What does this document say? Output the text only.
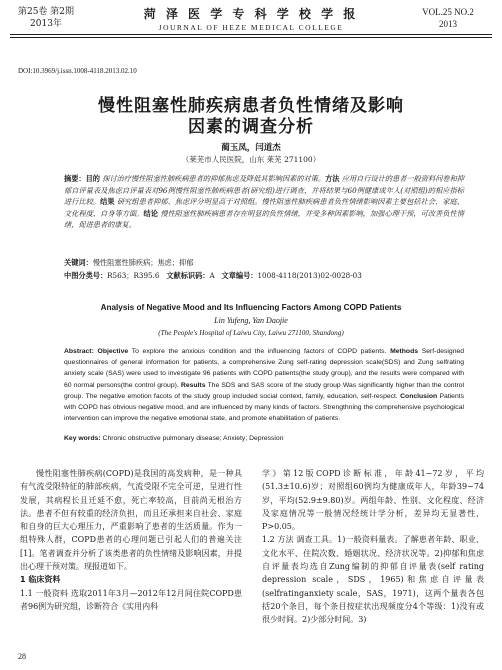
第25卷 第2期
2013年
菏 泽 医 学 专 科 学 校 学 报
JOURNAL OF HEZE MEDICAL COLLEGE
VOL.25 NO.2
2013
DOI:10.3969/j.issn.1008-4118.2013.02.10
慢性阻塞性肺疾病患者负性情绪及影响
因素的调查分析
蔺玉凤，闫道杰
（莱芜市人民医院，山东 莱芜 271100）
摘要：目的 探讨治疗慢性阻塞性肺疾病患者的抑郁焦虑及降低其影响因素的对策。方法 应用自行设计的患者一般资料问卷和抑郁自评量表及焦虑自评量表对96例慢性阻塞性肺疾病患者(研究组)进行调查，并将结果与60例健康成年人(对照组)的相应指标进行比较。结果 研究组患者抑郁、焦虑评分明显高于对照组。慢性阻塞性肺疾病患者负性情绪影响因素主要包括社会、家庭、文化程度、自身等方面。结论 慢性阻塞性肺疾病患者存在明显的负性情绪，并受多种因素影响，加强心理干预，可改善负性情绪，促进患者的康复。
关键词：慢性阻塞性肺疾病；焦虑；抑郁
中图分类号：R563；R395.6 文献标识码：A 文章编号：1008-4118(2013)02-0028-03
Analysis of Negative Mood and Its Influencing Factors Among COPD Patients
Lin Yufeng, Yan Daojie
(The People's Hospital of Laiwu City, Laiwu 271100, Shandong)
Abstract: Objective To explore the anxious condition and the influencing factors of COPD patients. Methods Serf-designed questionnaires of general information for patients, a comprehensive Zung self-rating depression scale(SDS) and Zung selfrating anxiety scale (SAS) were used to investigate 96 patients with COPD patients(the study group), and the results were compared with 60 normal persons(the control group). Results The SDS and SAS score of the study group Was significantly higher than the control group. The negative emotion facots of the study group included social context, family, education, self-respect. Conclusion Patients with COPD has obvious negative mood, and are influenced by many kinds of factors. Strengthning the comprehensive psychological intervention can improve the negative emotional state, and promote ehabilitation of patients.
Key words: Chronic obstructive pulmonary disease; Anxiety; Depression

慢性阻塞性肺疾病(COPD)是我国的高发病种，是一种具有气流受限特征的肺部疾病，气流受限不完全可逆，呈进行性发展，其病程长且迁延不愈，死亡率较高，目前尚无根治方法。患者不但有较重的经济负担，而且还承担来自社会、家庭和自身的巨大心理压力，严重影响了患者的生活质量。作为一组特殊人群，COPD患者的心理问题已引起人们的普遍关注[1]。笔者调查并分析了该类患者的负性情绪及影响因素，并提出心理干预对策。现报道如下。

1 临床资料

1.1 一般资料 选取2011年3月—2012年12月间住院COPD患者96例为研究组，诊断符合《实用内科

学》第12版COPD诊断标准，年龄41~72岁，平均(51.3±10.6)岁；对照组60例均为健康成年人，年龄39~74岁，平均(52.9±9.80)岁。两组年龄、性别、文化程度、经济及家庭情况等一般情况经统计学分析，差异均无显著性，P>0.05。

1.2 方法 调查工具。1)一般资料量表。了解患者年龄、职业、文化水平、住院次数、婚姻状况、经济状况等。2)抑郁和焦虑自评量表均选自Zung编制的抑郁自评量表(self rating depression scale，SDS，1965)和焦虑自评量表(selfratinganxiety scale，SAS，1971)，这两个量表各包括20个条目，每个条目按症状出现频度分4个等级：1)没有或很少时间。2)少部分时间。3)

28
